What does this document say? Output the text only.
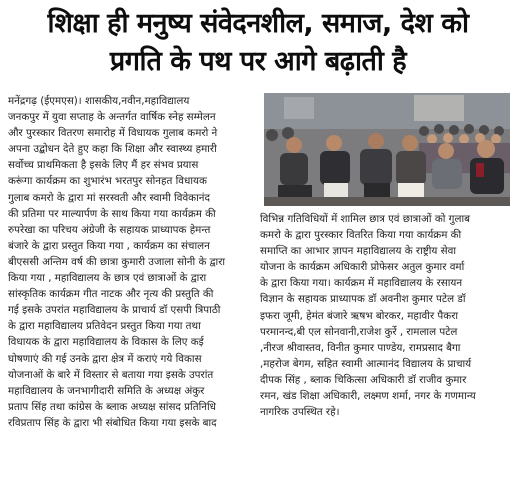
शिक्षा ही मनुष्य संवेदनशील, समाज, देश को
प्रगति के पथ पर आगे बढ़ाती है
मनेंद्रगढ़ (ईएमएस)। शासकीय,नवीन,महाविद्यालय
जनकपुर में युवा सप्ताह के अन्तर्गत वार्षिक स्नेह सम्मेलन
और पुरस्कार वितरण समारोह में विधायक गुलाब कमरो ने
अपना उद्बोधन देते हुए कहा कि शिक्षा और स्वास्थ्य हमारी
सर्वोच्च प्राथमिकता है इसके लिए मैं हर संभव प्रयास
करूंगा कार्यक्रम का शुभारंभ भरतपुर सोनहत विधायक
गुलाब कमरो के द्वारा मां सरस्वती और स्वामी विवेकानंद
की प्रतिमा पर माल्यार्पण के साथ किया गया कार्यक्रम की
रुपरेखा का परिचय अंग्रेजी के सहायक प्राध्यापक हेमन्त
बंजारे के द्वारा प्रस्तुत किया गया , कार्यक्रम का संचालन
बीएससी अन्तिम वर्ष की छात्रा कुमारी उजाला सोनी के द्वारा
किया गया , महाविद्यालय के छात्र एवं छात्राओं के द्वारा
सांस्कृतिक कार्यक्रम गीत नाटक और नृत्य की प्रस्तुति की
गई इसके उपरांत महाविद्यालय के प्राचार्य डॉ एसपी त्रिपाठी
के द्वारा महाविद्यालय प्रतिवेदन प्रस्तुत किया गया तथा
विधायक के द्वारा महाविद्यालय के विकास के लिए कई
घोषणाएं की गई उनके द्वारा क्षेत्र में कराएं गये विकास
योजनाओं के बारे में विस्तार से बताया गया इसके उपरांत
महाविद्यालय के जनभागीदारी समिति के अध्यक्ष अंकुर
प्रताप सिंह तथा कांग्रेस के ब्लाक अध्यक्ष सांसद प्रतिनिधि
रविप्रताप सिंह के द्वारा भी संबोधित किया गया इसके बाद
विभिन्न गतिविधियों में शामिल छात्र एवं छात्राओं को गुलाब
कमरो के द्वारा पुरस्कार वितरित किया गया कार्यक्रम की
समाप्ति का आभार ज्ञापन महाविद्यालय के राष्ट्रीय सेवा
योजना के कार्यक्रम अधिकारी प्रोफेसर अतुल कुमार वर्मा
के द्वारा किया गया। कार्यक्रम में महाविद्यालय के रसायन
विज्ञान के सहायक प्राध्यापक डॉ अवनीश कुमार पटेल डॉ
इफरा जूमी, हेमंत बंजारे ऋषभ बोरकर, महावीर पैकरा
परमानन्द,बी एल सोनवानी,राजेश कुर्रे , रामलाल पटेल
,नीरज श्रीवास्तव, विनीत कुमार पाण्डेय, रामप्रसाद बैगा
,महरोज बेगम, सहित स्वामी आत्मानंद विद्यालय के प्राचार्य
दीपक सिंह , ब्लाक चिकित्सा अधिकारी डॉ राजीव कुमार
रमन, खंड शिक्षा अधिकारी, लक्ष्मण शर्मा, नगर के गणमान्य
नागरिक उपस्थित रहे।
